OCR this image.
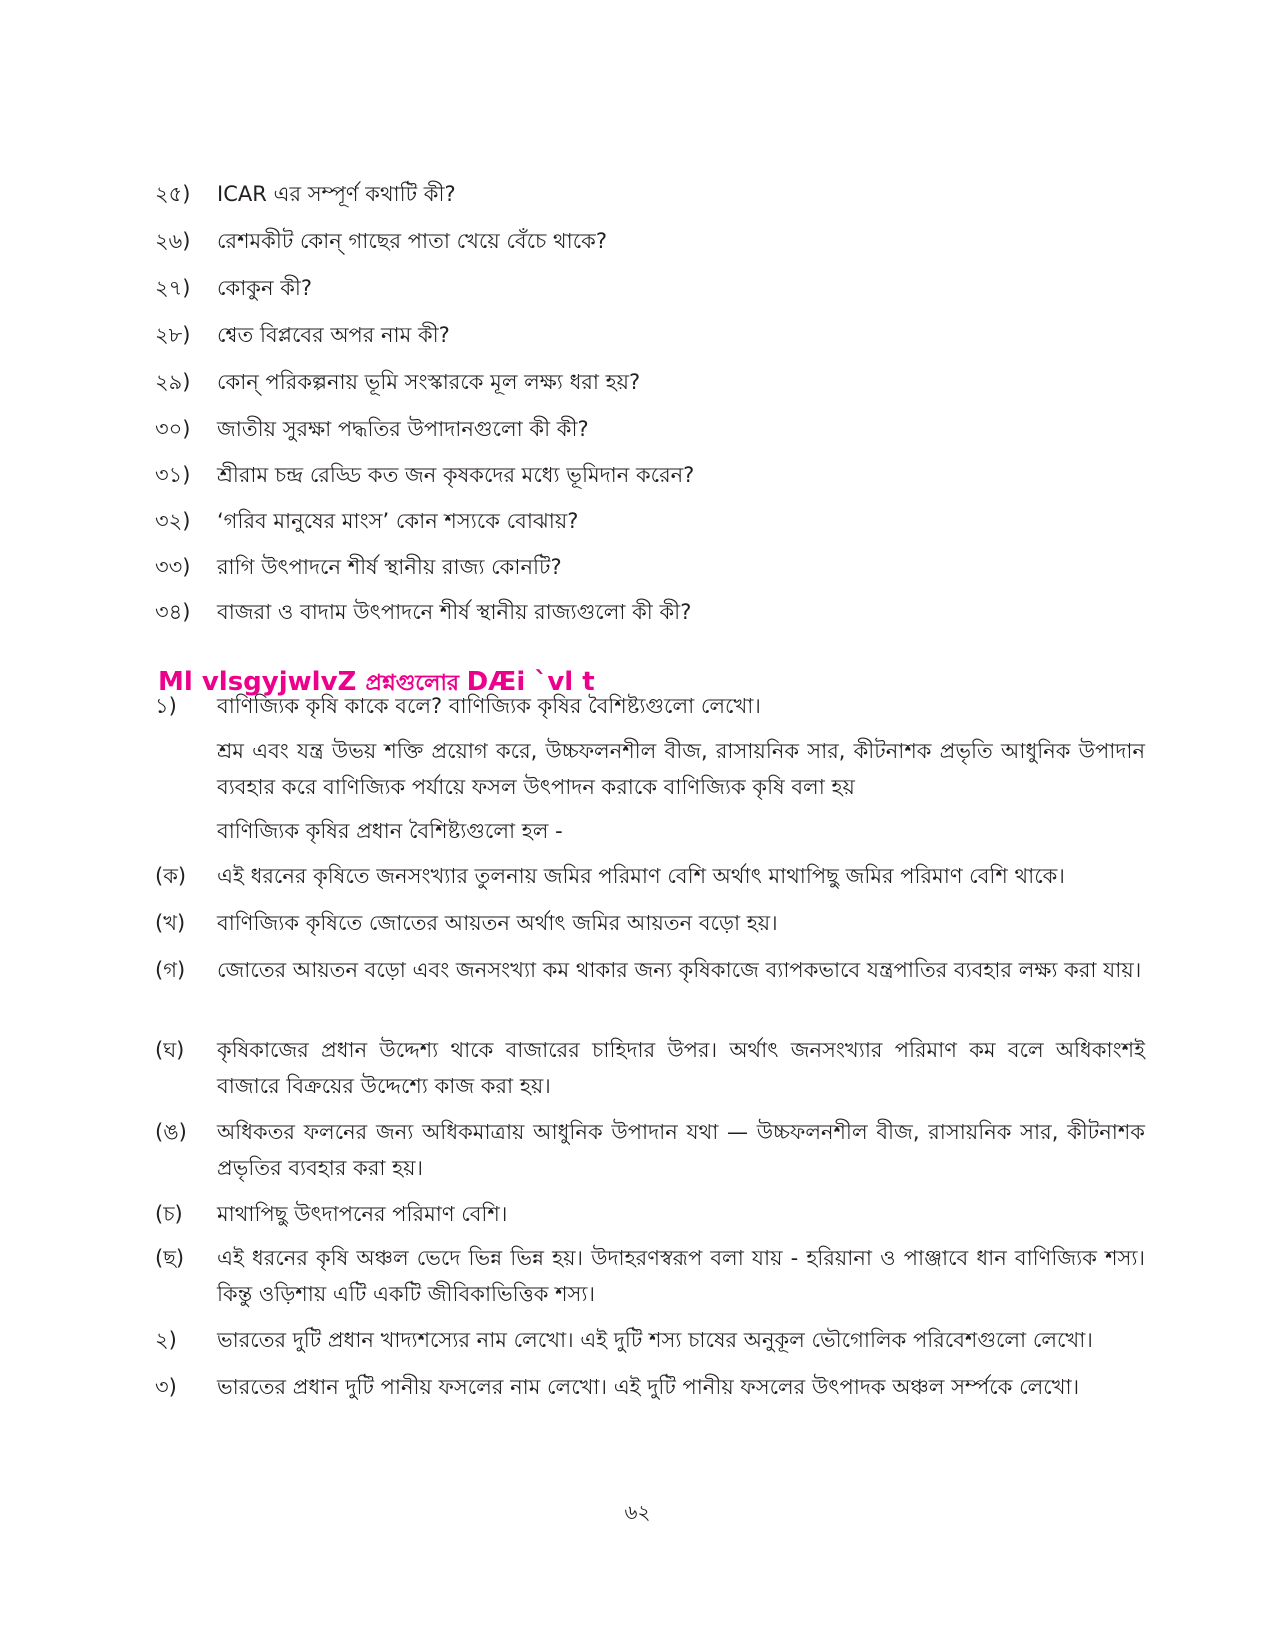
২৫)	ICAR এর সম্পূর্ণ কথাটি কী?
২৬)	রেশমকীট কোন্ গাছের পাতা খেয়ে বেঁচে থাকে?
২৭)	কোকুন কী?
২৮)	শ্বেত বিপ্লবের অপর নাম কী?
২৯)	কোন্ পরিকল্পনায় ভূমি সংস্কারকে মূল লক্ষ্য ধরা হয়?
৩০)	জাতীয় সুরক্ষা পদ্ধতির উপাদানগুলো কী কী?
৩১)	শ্রীরাম চন্দ্র রেড্ডি কত জন কৃষকদের মধ্যে ভূমিদান করেন?
৩২)	‘গরিব মানুষের মাংস’ কোন শস্যকে বোঝায়?
৩৩)	রাগি উৎপাদনে শীর্ষ স্থানীয় রাজ্য কোনটি?
৩৪)	বাজরা ও বাদাম উৎপাদনে শীর্ষ স্থানীয় রাজ্যগুলো কী কী?
Ml vlsgyjwlvZ প্রশ্নগুলোর DÆi `vl t
১)	বাণিজ্যিক কৃষি কাকে বলে? বাণিজ্যিক কৃষির বৈশিষ্ট্যগুলো লেখো।
শ্রম এবং যন্ত্র উভয় শক্তি প্রয়োগ করে, উচ্চফলনশীল বীজ, রাসায়নিক সার, কীটনাশক প্রভৃতি আধুনিক উপাদান ব্যবহার করে বাণিজ্যিক পর্যায়ে ফসল উৎপাদন করাকে বাণিজ্যিক কৃষি বলা হয়
বাণিজ্যিক কৃষির প্রধান বৈশিষ্ট্যগুলো হল -
(ক)	এই ধরনের কৃষিতে জনসংখ্যার তুলনায় জমির পরিমাণ বেশি অর্থাৎ মাথাপিছু জমির পরিমাণ বেশি থাকে।
(খ)	বাণিজ্যিক কৃষিতে জোতের আয়তন অর্থাৎ জমির আয়তন বড়ো হয়।
(গ)	জোতের আয়তন বড়ো এবং জনসংখ্যা কম থাকার জন্য কৃষিকাজে ব্যাপকভাবে যন্ত্রপাতির ব্যবহার লক্ষ্য করা যায়।
(ঘ)	কৃষিকাজের প্রধান উদ্দেশ্য থাকে বাজারের চাহিদার উপর। অর্থাৎ জনসংখ্যার পরিমাণ কম বলে অধিকাংশই বাজারে বিক্রয়ের উদ্দেশ্যে কাজ করা হয়।
(ঙ)	অধিকতর ফলনের জন্য অধিকমাত্রায় আধুনিক উপাদান যথা — উচ্চফলনশীল বীজ, রাসায়নিক সার, কীটনাশক প্রভৃতির ব্যবহার করা হয়।
(চ)	মাথাপিছু উৎদাপনের পরিমাণ বেশি।
(ছ)	এই ধরনের কৃষি অঞ্চল ভেদে ভিন্ন ভিন্ন হয়। উদাহরণস্বরূপ বলা যায় - হরিয়ানা ও পাঞ্জাবে ধান বাণিজ্যিক শস্য। কিন্তু ওড়িশায় এটি একটি জীবিকাভিত্তিক শস্য।
২)	ভারতের দুটি প্রধান খাদ্যশস্যের নাম লেখো। এই দুটি শস্য চাষের অনুকূল ভৌগোলিক পরিবেশগুলো লেখো।
৩)	ভারতের প্রধান দুটি পানীয় ফসলের নাম লেখো। এই দুটি পানীয় ফসলের উৎপাদক অঞ্চল সর্ম্পকে লেখো।
৬২
